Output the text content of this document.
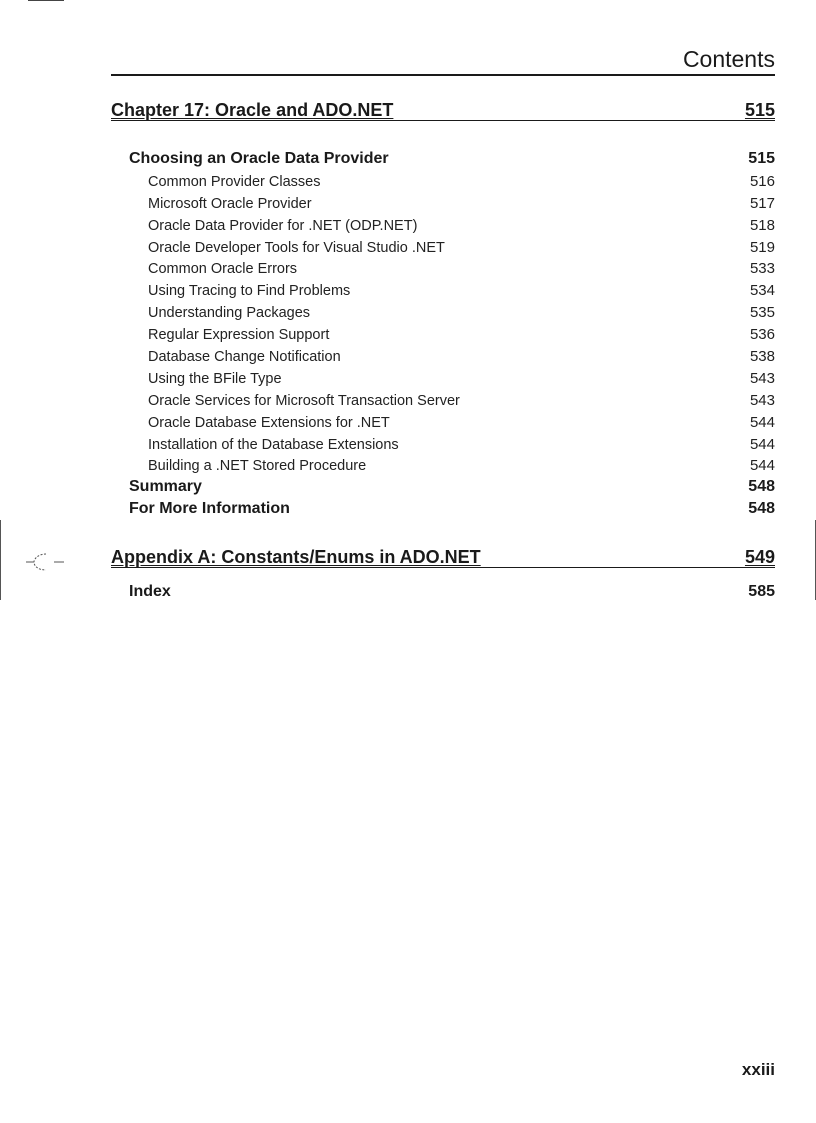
Contents
Chapter 17: Oracle and ADO.NET	515
Choosing an Oracle Data Provider	515
Common Provider Classes	516
Microsoft Oracle Provider	517
Oracle Data Provider for .NET (ODP.NET)	518
Oracle Developer Tools for Visual Studio .NET	519
Common Oracle Errors	533
Using Tracing to Find Problems	534
Understanding Packages	535
Regular Expression Support	536
Database Change Notification	538
Using the BFile Type	543
Oracle Services for Microsoft Transaction Server	543
Oracle Database Extensions for .NET	544
Installation of the Database Extensions	544
Building a .NET Stored Procedure	544
Summary	548
For More Information	548
Appendix A: Constants/Enums in ADO.NET	549
Index	585
xxiii
